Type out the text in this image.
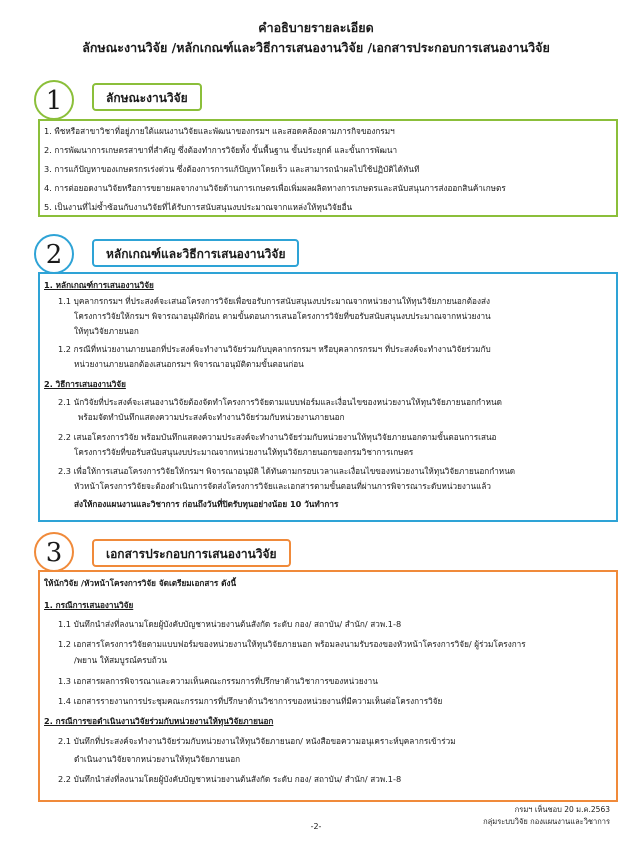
คำอธิบายรายละเอียด
ลักษณะงานวิจัย /หลักเกณฑ์และวิธีการเสนองานวิจัย /เอกสารประกอบการเสนองานวิจัย
1	ลักษณะงานวิจัย
1. พืชหรือสาขาวิชาที่อยู่ภายใต้แผนงานวิจัยและพัฒนาของกรมฯ และสอดคล้องตามภารกิจของกรมฯ
2. การพัฒนาการเกษตรสาขาที่สำคัญ ซึ่งต้องทำการวิจัยทั้ง ขั้นพื้นฐาน ขั้นประยุกต์ และขั้นการพัฒนา
3. การแก้ปัญหาของเกษตรกรเร่งด่วน ซึ่งต้องการการแก้ปัญหาโดยเร็ว และสามารถนำผลไปใช้ปฏิบัติได้ทันที
4. การต่อยอดงานวิจัยหรือการขยายผลจากงานวิจัยด้านการเกษตรเพื่อเพิ่มผลผลิตทางการเกษตรและสนับสนุนการส่งออกสินค้าเกษตร
5. เป็นงานที่ไม่ซ้ำซ้อนกับงานวิจัยที่ได้รับการสนับสนุนงบประมาณจากแหล่งให้ทุนวิจัยอื่น
2	หลักเกณฑ์และวิธีการเสนองานวิจัย
1. หลักเกณฑ์การเสนองานวิจัย
1.1 บุคลากรกรมฯ ที่ประสงค์จะเสนอโครงการวิจัยเพื่อขอรับการสนับสนุนงบประมาณจากหน่วยงานให้ทุนวิจัยภายนอกต้องส่ง
โครงการวิจัยให้กรมฯ พิจารณาอนุมัติก่อน ตามขั้นตอนการเสนอโครงการวิจัยที่ขอรับสนับสนุนงบประมาณจากหน่วยงาน
ให้ทุนวิจัยภายนอก
1.2 กรณีที่หน่วยงานภายนอกที่ประสงค์จะทำงานวิจัยร่วมกับบุคลากรกรมฯ หรือบุคลากรกรมฯ ที่ประสงค์จะทำงานวิจัยร่วมกับ
หน่วยงานภายนอกต้องเสนอกรมฯ พิจารณาอนุมัติตามขั้นตอนก่อน
2. วิธีการเสนองานวิจัย
2.1 นักวิจัยที่ประสงค์จะเสนองานวิจัยต้องจัดทำโครงการวิจัยตามแบบฟอร์มและเงื่อนไขของหน่วยงานให้ทุนวิจัยภายนอกกำหนด
พร้อมจัดทำบันทึกแสดงความประสงค์จะทำงานวิจัยร่วมกับหน่วยงานภายนอก
2.2 เสนอโครงการวิจัย พร้อมบันทึกแสดงความประสงค์จะทำงานวิจัยร่วมกับหน่วยงานให้ทุนวิจัยภายนอกตามขั้นตอนการเสนอ
โครงการวิจัยที่ขอรับสนับสนุนงบประมาณจากหน่วยงานให้ทุนวิจัยภายนอกของกรมวิชาการเกษตร
2.3 เพื่อให้การเสนอโครงการวิจัยให้กรมฯ พิจารณาอนุมัติ ได้ทันตามกรอบเวลาและเงื่อนไขของหน่วยงานให้ทุนวิจัยภายนอกกำหนด
หัวหน้าโครงการวิจัยจะต้องดำเนินการจัดส่งโครงการวิจัยและเอกสารตามขั้นตอนที่ผ่านการพิจารณาระดับหน่วยงานแล้ว
ส่งให้กองแผนงานและวิชาการ ก่อนถึงวันที่ปิดรับทุนอย่างน้อย 10 วันทำการ
3	เอกสารประกอบการเสนองานวิจัย
ให้นักวิจัย /หัวหน้าโครงการวิจัย จัดเตรียมเอกสาร ดังนี้
1. กรณีการเสนองานวิจัย
1.1 บันทึกนำส่งที่ลงนามโดยผู้บังคับบัญชาหน่วยงานต้นสังกัด ระดับ กอง/ สถาบัน/ สำนัก/ สวพ.1-8
1.2 เอกสารโครงการวิจัยตามแบบฟอร์มของหน่วยงานให้ทุนวิจัยภายนอก พร้อมลงนามรับรองของหัวหน้าโครงการวิจัย/ ผู้ร่วมโครงการ
/พยาน ให้สมบูรณ์ครบถ้วน
1.3 เอกสารผลการพิจารณาและความเห็นคณะกรรมการที่ปรึกษาด้านวิชาการของหน่วยงาน
1.4 เอกสารรายงานการประชุมคณะกรรมการที่ปรึกษาด้านวิชาการของหน่วยงานที่มีความเห็นต่อโครงการวิจัย
2. กรณีการขอดำเนินงานวิจัยร่วมกับหน่วยงานให้ทุนวิจัยภายนอก
2.1 บันทึกที่ประสงค์จะทำงานวิจัยร่วมกับหน่วยงานให้ทุนวิจัยภายนอก/ หนังสือขอความอนุเคราะห์บุคลากรเข้าร่วม
ดำเนินงานวิจัยจากหน่วยงานให้ทุนวิจัยภายนอก
2.2 บันทึกนำส่งที่ลงนามโดยผู้บังคับบัญชาหน่วยงานต้นสังกัด ระดับ กอง/ สถาบัน/ สำนัก/ สวพ.1-8
กรมฯ เห็นชอบ 20 ม.ค.2563
กลุ่มระบบวิจัย กองแผนงานและวิชาการ
-2-
